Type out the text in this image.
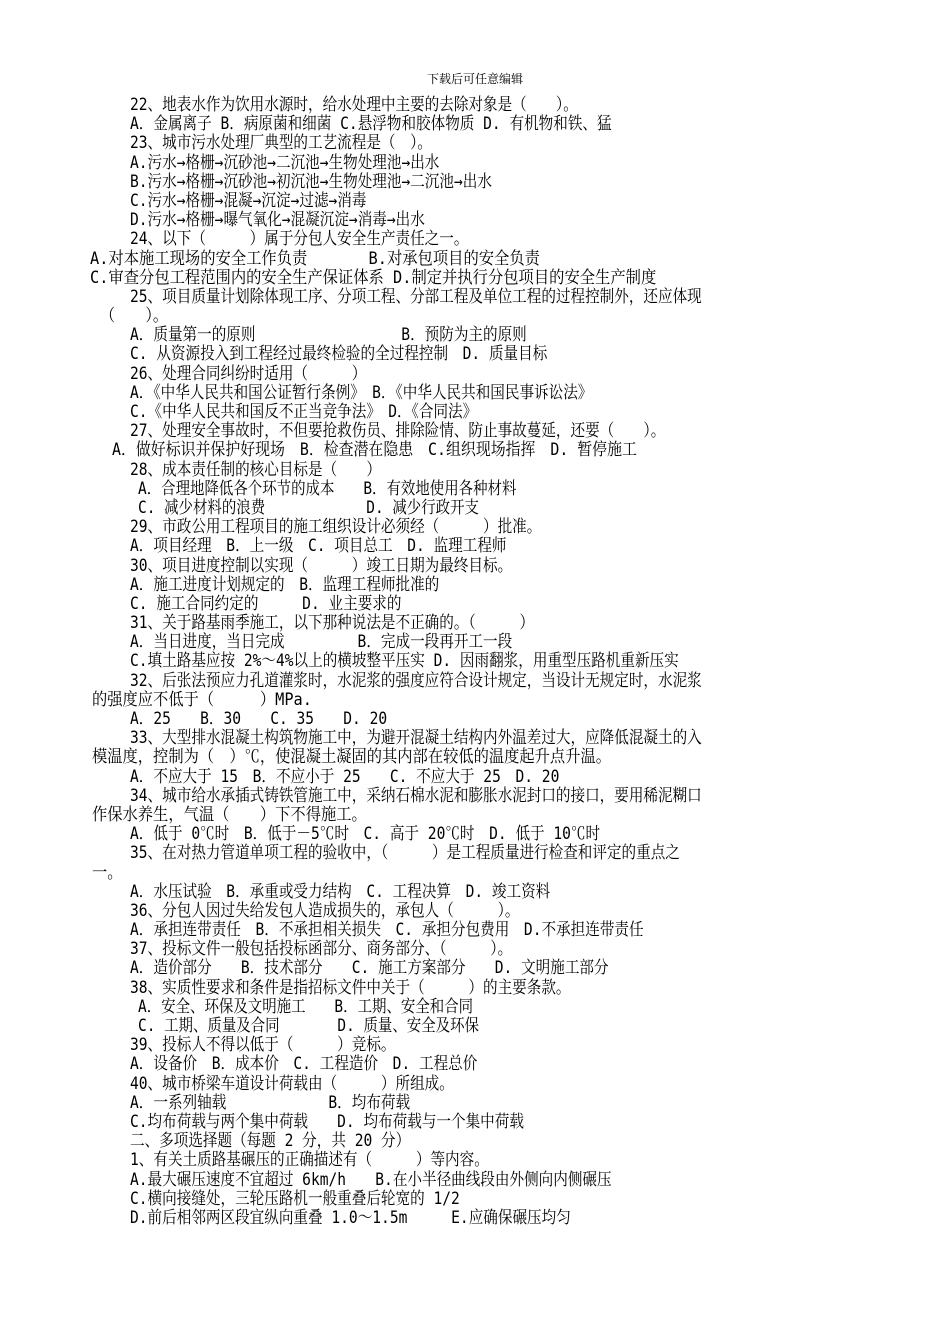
下载后可任意编辑
22、地表水作为饮用水源时，给水处理中主要的去除对象是（　　）。
A．金属离子 B．病原菌和细菌 C.悬浮物和胶体物质 D. 有机物和铁、猛
23、城市污水处理厂典型的工艺流程是（　）。
A.污水→格栅→沉砂池→二沉池→生物处理池→出水
B.污水→格栅→沉砂池→初沉池→生物处理池→二沉池→出水
C.污水→格栅→混凝→沉淀→过滤→消毒
D.污水→格栅→曝气氧化→混凝沉淀→消毒→出水
24、以下（　　　）属于分包人安全生产责任之一。
A.对本施工现场的安全工作负责　　　　B.对承包项目的安全负责
C.审查分包工程范围内的安全生产保证体系 D.制定并执行分包项目的安全生产制度
25、项目质量计划除体现工序、分项工程、分部工程及单位工程的过程控制外，还应体现
（　　）。
A．质量第一的原则　　　　　　　　　　B．预防为主的原则
C. 从资源投入到工程经过最终检验的全过程控制　D. 质量目标
26、处理合同纠纷时适用（　　　）
A．《中华人民共和国公证暂行条例》　B．《中华人民共和国民事诉讼法》
C.《中华人民共和国反不正当竞争法》　D．《合同法》
27、处理安全事故时，不但要抢救伤员、排除险情、防止事故蔓延，还要（　　）。
A．做好标识并保护好现场　B．检查潜在隐患　C.组织现场指挥　D. 暂停施工
28、成本责任制的核心目标是（　　）
A．合理地降低各个环节的成本　　B．有效地使用各种材料
C. 减少材料的浪费　　　　　　　D. 减少行政开支
29、市政公用工程项目的施工组织设计必须经（　　　）批准。
A．项目经理　B．上一级　C. 项目总工　D. 监理工程师
30、项目进度控制以实现（　　　）竣工日期为最终目标。
A．施工进度计划规定的　B．监理工程师批准的
C. 施工合同约定的　　　D. 业主要求的
31、关于路基雨季施工，以下那种说法是不正确的。（　　　）
A．当日进度，当日完成　　　　　B．完成一段再开工一段
C.填土路基应按 2%～4%以上的横坡整平压实 D. 因雨翻浆，用重型压路机重新压实
32、后张法预应力孔道灌浆时，水泥浆的强度应符合设计规定，当设计无规定时，水泥浆
的强度应不低于（　　　）MPa.
A．25　　B．30　　C. 35　　D. 20
33、大型排水混凝土构筑物施工中，为避开混凝土结构内外温差过大，应降低混凝土的入
模温度，控制为（　）℃，使混凝土凝固的其内部在较低的温度起升点升温。
A．不应大于 15　B．不应小于 25　　C. 不应大于 25　D. 20
34、城市给水承插式铸铁管施工中，采纳石棉水泥和膨胀水泥封口的接口，要用稀泥糊口
作保水养生，气温（　　）下不得施工。
A．低于 0℃时　B．低于－5℃时　C. 高于 20℃时　D. 低于 10℃时
35、在对热力管道单项工程的验收中，（　　　）是工程质量进行检查和评定的重点之
一。
A．水压试验　B．承重或受力结构　C. 工程决算　D. 竣工资料
36、分包人因过失给发包人造成损失的，承包人（　　　）。
A．承担连带责任　B．不承担相关损失　C. 承担分包费用　D.不承担连带责任
37、投标文件一般包括投标函部分、商务部分、（　　　）。
A．造价部分　　B．技术部分　　C. 施工方案部分　　D. 文明施工部分
38、实质性要求和条件是指招标文件中关于（　　　）的主要条款。
A．安全、环保及文明施工　　B．工期、安全和合同
C. 工期、质量及合同　　　　D. 质量、安全及环保
39、投标人不得以低于（　　　）竞标。
A．设备价　B．成本价　C. 工程造价　D. 工程总价
40、城市桥梁车道设计荷载由（　　　）所组成。
A．一系列轴载　　　　　　　B．均布荷载
C.均布荷载与两个集中荷载　　D. 均布荷载与一个集中荷载
二、多项选择题（每题 2 分，共 20 分）
1、有关土质路基碾压的正确描述有（　　　）等内容。
A.最大碾压速度不宜超过 6km/h　　B.在小半径曲线段由外侧向内侧碾压
C.横向接缝处，三轮压路机一般重叠后轮宽的 1/2
D.前后相邻两区段宜纵向重叠 1.0～1.5m　　　E.应确保碾压均匀
